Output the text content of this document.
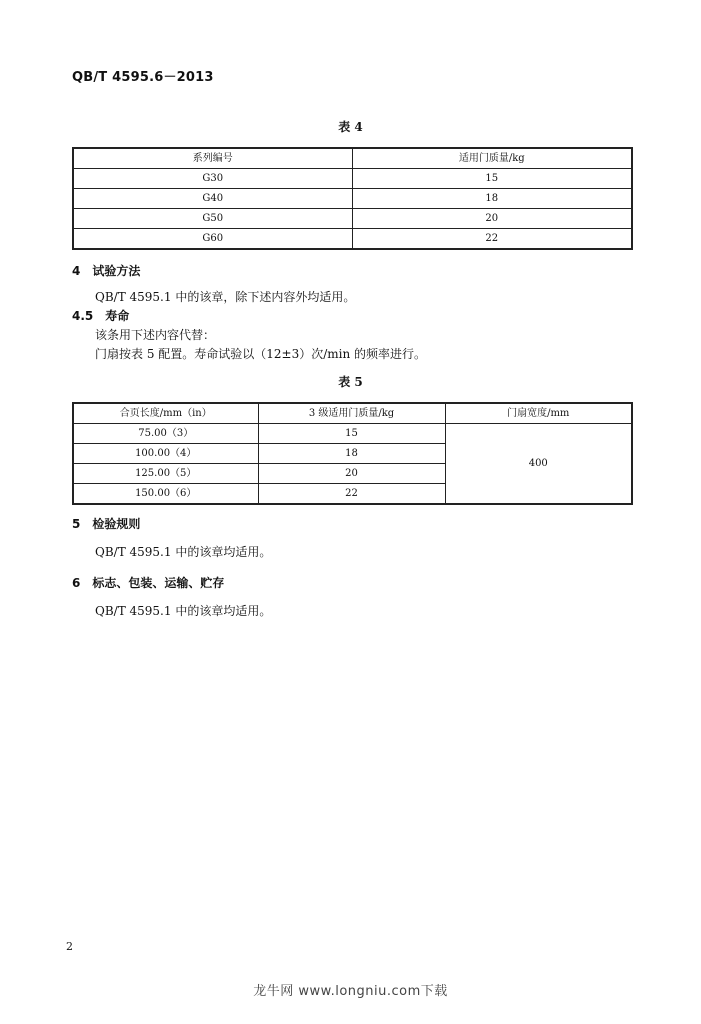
QB/T 4595.6－2013
表 4
系列编号	适用门质量/kg
G30	15
G40	18
G50	20
G60	22
4　试验方法
QB/T 4595.1 中的该章，除下述内容外均适用。
4.5　寿命
该条用下述内容代替：
门扇按表 5 配置。寿命试验以（12±3）次/min 的频率进行。
表 5
合页长度/mm（in）	3 级适用门质量/kg	门扇宽度/mm
75.00（3）	15	400
100.00（4）	18	
125.00（5）	20	
150.00（6）	22	
5　检验规则
QB/T 4595.1 中的该章均适用。
6　标志、包装、运输、贮存
QB/T 4595.1 中的该章均适用。
2
龙牛网 www.longniu.com下载
